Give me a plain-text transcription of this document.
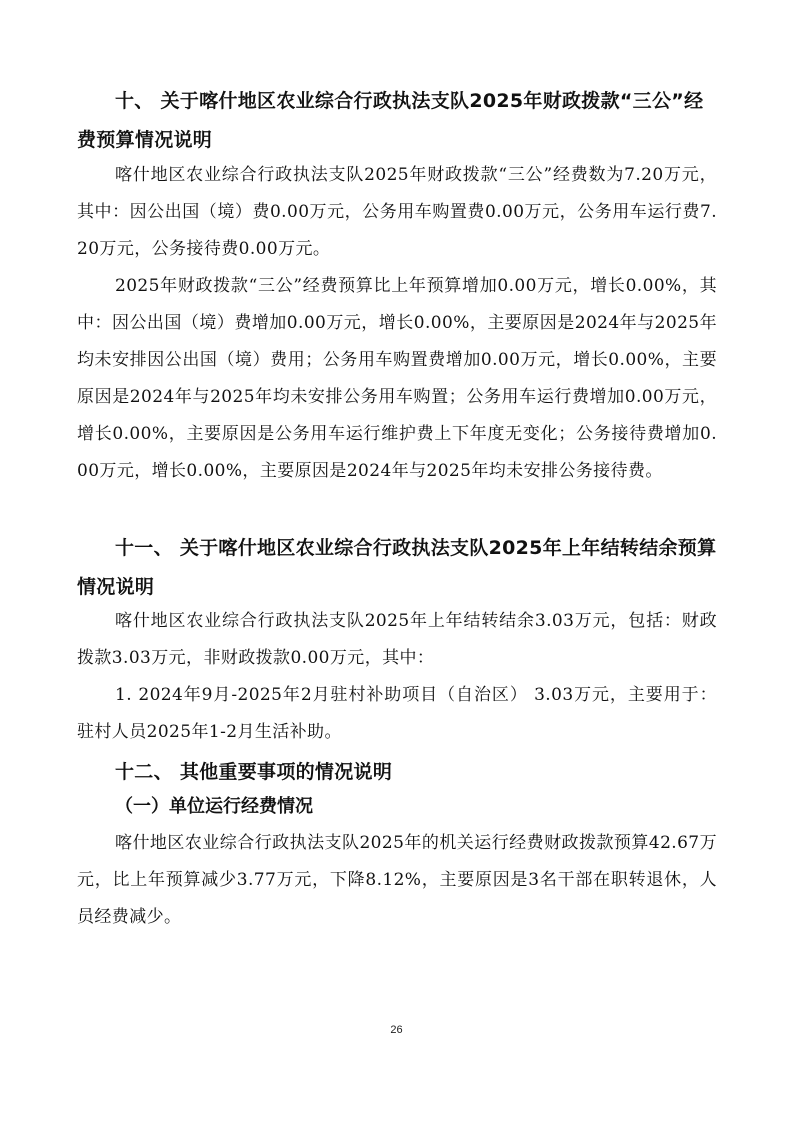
十、 关于喀什地区农业综合行政执法支队2025年财政拨款“三公”经费预算情况说明

喀什地区农业综合行政执法支队2025年财政拨款“三公”经费数为7.20万元，其中：因公出国（境）费0.00万元，公务用车购置费0.00万元，公务用车运行费7.20万元，公务接待费0.00万元。

2025年财政拨款“三公”经费预算比上年预算增加0.00万元，增长0.00%，其中：因公出国（境）费增加0.00万元，增长0.00%，主要原因是2024年与2025年均未安排因公出国（境）费用；公务用车购置费增加0.00万元，增长0.00%，主要原因是2024年与2025年均未安排公务用车购置；公务用车运行费增加0.00万元，增长0.00%，主要原因是公务用车运行维护费上下年度无变化；公务接待费增加0.00万元，增长0.00%，主要原因是2024年与2025年均未安排公务接待费。

十一、 关于喀什地区农业综合行政执法支队2025年上年结转结余预算情况说明

喀什地区农业综合行政执法支队2025年上年结转结余3.03万元，包括：财政拨款3.03万元，非财政拨款0.00万元，其中：

1. 2024年9月-2025年2月驻村补助项目（自治区） 3.03万元，主要用于：驻村人员2025年1-2月生活补助。

十二、 其他重要事项的情况说明
（一）单位运行经费情况

喀什地区农业综合行政执法支队2025年的机关运行经费财政拨款预算42.67万元，比上年预算减少3.77万元，下降8.12%，主要原因是3名干部在职转退休，人员经费减少。

26
